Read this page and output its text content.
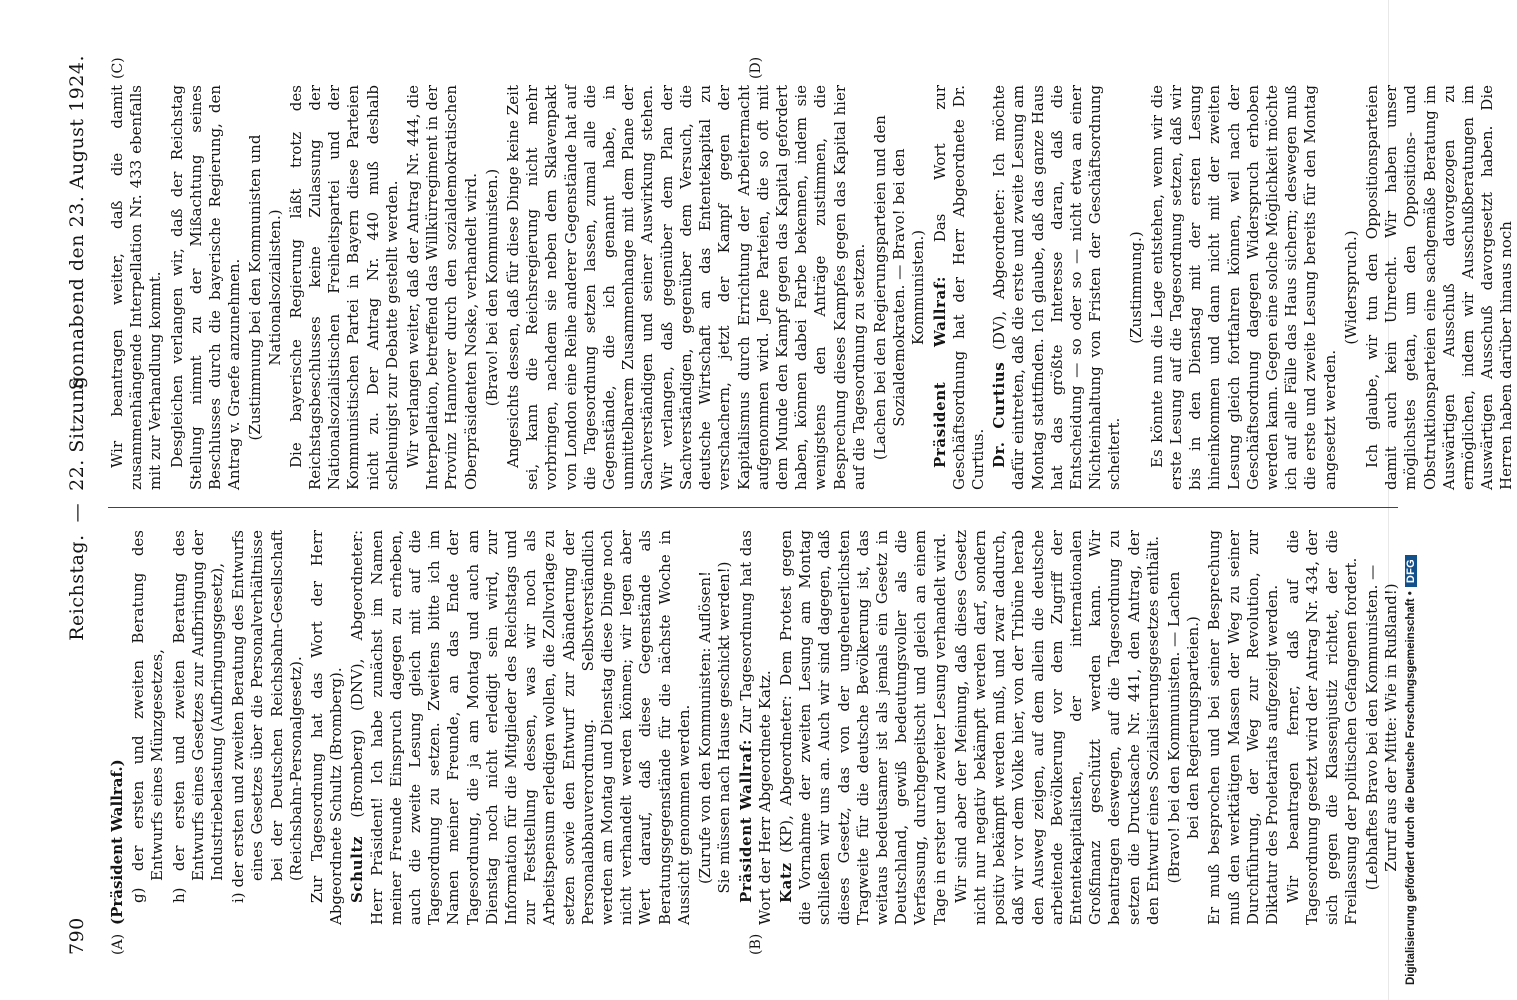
790
Reichstag.—22. Sitzung.
Sonnabend den 23. August 1924.
(A)	(B)
(C)	(D)

(Präsident Wallraf.) g) der ersten und zweiten Beratung des Entwurfs eines Münzgesetzes, h) der ersten und zweiten Beratung des Entwurfs eines Gesetzes zur Aufbringung der Industriebelastung (Aufbringungsgesetz), i) der ersten und zweiten Beratung des Entwurfs eines Gesetzes über die Personalverhältnisse bei der Deutschen Reichsbahn-Gesellschaft (Reichsbahn-Personalgesetz). Zur Tagesordnung hat das Wort der Herr Abgeordnete Schultz (Bromberg). Schultz (Bromberg) (DNV), Abgeordneter: Herr Präsident! Ich habe zunächst im Namen meiner Freunde Einspruch dagegen zu erheben, auch die zweite Lesung gleich mit auf die Tagesordnung zu setzen. Zweitens bitte ich im Namen meiner Freunde, an das Ende der Tagesordnung, die ja am Montag und auch am Dienstag noch nicht erledigt sein wird, zur Information für die Mitglieder des Reichstags und zur Feststellung dessen, was wir noch als Arbeitspensum erledigen wollen, die Zollvorlage zu setzen sowie den Entwurf zur Abänderung der Personalabbauverordnung. Selbstverständlich werden am Montag und Dienstag diese Dinge noch nicht verhandelt werden können; wir legen aber Wert darauf, daß diese Gegenstände als Beratungsgegenstände für die nächste Woche in Aussicht genommen werden. (Zurufe von den Kommunisten: Auflösen! Sie müssen nach Hause geschickt werden!) Präsident Wallraf: Zur Tagesordnung hat das Wort der Herr Abgeordnete Katz. Katz (KP), Abgeordneter: Dem Protest gegen die Vornahme der zweiten Lesung am Montag schließen wir uns an. Auch wir sind dagegen, daß dieses Gesetz, das von der ungeheuerlichsten Tragweite für die deutsche Bevölkerung ist, das weitaus bedeutsamer ist als jemals ein Gesetz in Deutschland, gewiß bedeutungsvoller als die Verfassung, durchgepeitscht und gleich an einem Tage in erster und zweiter Lesung verhandelt wird. Wir sind aber der Meinung, daß dieses Gesetz nicht nur negativ bekämpft werden darf, sondern positiv bekämpft werden muß, und zwar dadurch, daß wir vor dem Volke hier, von der Tribüne herab den Ausweg zeigen, auf dem allein die deutsche arbeitende Bevölkerung vor dem Zugriff der Ententekapitalisten, der internationalen Großfinanz geschützt werden kann. Wir beantragen deswegen, auf die Tagesordnung zu setzen die Drucksache Nr. 441, den Antrag, der den Entwurf eines Sozialisierungsgesetzes enthält. (Bravo! bei den Kommunisten. — Lachen bei den Regierungsparteien.) Er muß besprochen und bei seiner Besprechung muß den werktätigen Massen der Weg zu seiner Durchführung, der Weg zur Revolution, zur Diktatur des Proletariats aufgezeigt werden. Wir beantragen ferner, daß auf die Tagesordnung gesetzt wird der Antrag Nr. 434, der sich gegen die Klassenjustiz richtet, der die Freilassung der politischen Gefangenen fordert. (Lebhaftes Bravo bei den Kommunisten. — Zuruf aus der Mitte: Wie in Rußland!)

Wir beantragen weiter, daß die damit zusammenhängende Interpellation Nr. 433 ebenfalls mit zur Verhandlung kommt. Desgleichen verlangen wir, daß der Reichstag Stellung nimmt zu der Mißachtung seines Beschlusses durch die bayerische Regierung, den Antrag v. Graefe anzunehmen. (Zustimmung bei den Kommunisten und Nationalsozialisten.) Die bayerische Regierung läßt trotz des Reichstagsbeschlusses keine Zulassung der Nationalsozialistischen Freiheitspartei und der Kommunistischen Partei in Bayern diese Parteien nicht zu. Der Antrag Nr. 440 muß deshalb schleunigst zur Debatte gestellt werden. Wir verlangen weiter, daß der Antrag Nr. 444, die Interpellation, betreffend das Willkürregiment in der Provinz Hannover durch den sozialdemokratischen Oberpräsidenten Noske, verhandelt wird. (Bravo! bei den Kommunisten.) Angesichts dessen, daß für diese Dinge keine Zeit sei, kann die Reichsregierung nicht mehr vorbringen, nachdem sie neben dem Sklavenpakt von London eine Reihe anderer Gegenstände hat auf die Tagesordnung setzen lassen, zumal alle die Gegenstände, die ich genannt habe, in unmittelbarem Zusammenhange mit dem Plane der Sachverständigen und seiner Auswirkung stehen. Wir verlangen, daß gegenüber dem Plan der Sachverständigen, gegenüber dem Versuch, die deutsche Wirtschaft an das Ententekapital zu verschachern, jetzt der Kampf gegen der Kapitalismus durch Errichtung der Arbeitermacht aufgenommen wird. Jene Parteien, die so oft mit dem Munde den Kampf gegen das Kapital gefordert haben, können dabei Farbe bekennen, indem sie wenigstens den Anträge zustimmen, die Besprechung dieses Kampfes gegen das Kapital hier auf die Tagesordnung zu setzen. (Lachen bei den Regierungsparteien und den Sozialdemokraten. — Bravo! bei den Kommunisten.) Präsident Wallraf: Das Wort zur Geschäftsordnung hat der Herr Abgeordnete Dr. Curtius. Dr. Curtius (DV), Abgeordneter: Ich möchte dafür eintreten, daß die erste und zweite Lesung am Montag stattfinden. Ich glaube, daß das ganze Haus hat das größte Interesse daran, daß die Entscheidung — so oder so — nicht etwa an einer Nichteinhaltung von Fristen der Geschäftsordnung scheitert.

(Zustimmung.) Es könnte nun die Lage entstehen, wenn wir die erste Lesung auf die Tagesordnung setzen, daß wir bis in den Dienstag mit der ersten Lesung hineinkommen und dann nicht mit der zweiten Lesung gleich fortfahren können, weil nach der Geschäftsordnung dagegen Widerspruch erhoben werden kann. Gegen eine solche Möglichkeit möchte ich auf alle Fälle das Haus sichern; deswegen muß die erste und zweite Lesung bereits für den Montag angesetzt werden.

(Widerspruch.) Ich glaube, wir tun den Oppositionsparteien damit auch kein Unrecht. Wir haben unser möglichstes getan, um den Oppositions- und Obstruktionsparteien eine sachgemäße Beratung im Auswärtigen Ausschuß davorgezogen zu ermöglichen, indem wir Ausschußberatungen im Auswärtigen Ausschuß davorgesetzt haben. Die Herren haben darüber hinaus noch

Digitalisierung gefördert durch die Deutsche Forschungsgemeinschaft •DFG
